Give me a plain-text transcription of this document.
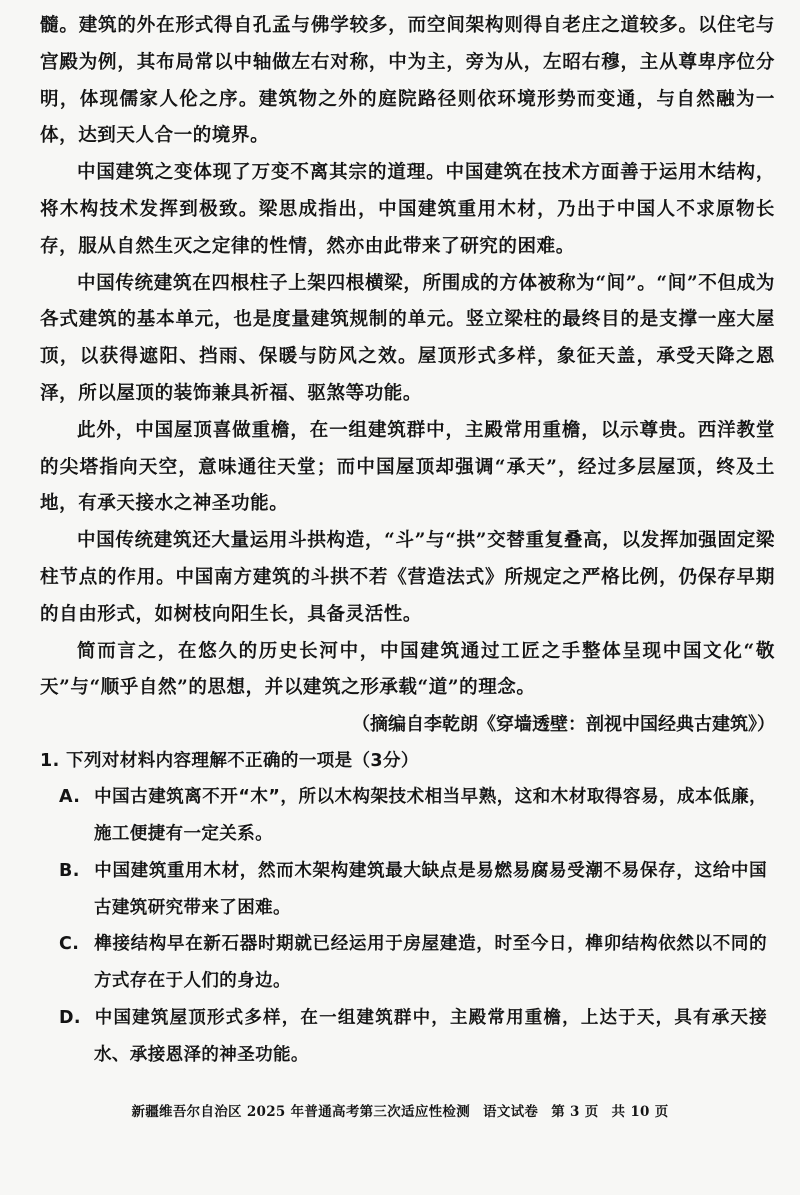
髓。建筑的外在形式得自孔孟与佛学较多，而空间架构则得自老庄之道较多。以住宅与宫殿为例，其布局常以中轴做左右对称，中为主，旁为从，左昭右穆，主从尊卑序位分明，体现儒家人伦之序。建筑物之外的庭院路径则依环境形势而变通，与自然融为一体，达到天人合一的境界。

中国建筑之变体现了万变不离其宗的道理。中国建筑在技术方面善于运用木结构，将木构技术发挥到极致。梁思成指出，中国建筑重用木材，乃出于中国人不求原物长存，服从自然生灭之定律的性情，然亦由此带来了研究的困难。

中国传统建筑在四根柱子上架四根横梁，所围成的方体被称为“间”。“间”不但成为各式建筑的基本单元，也是度量建筑规制的单元。竖立梁柱的最终目的是支撑一座大屋顶，以获得遮阳、挡雨、保暖与防风之效。屋顶形式多样，象征天盖，承受天降之恩泽，所以屋顶的装饰兼具祈福、驱煞等功能。

此外，中国屋顶喜做重檐，在一组建筑群中，主殿常用重檐，以示尊贵。西洋教堂的尖塔指向天空，意味通往天堂；而中国屋顶却强调“承天”，经过多层屋顶，终及土地，有承天接水之神圣功能。

中国传统建筑还大量运用斗拱构造，“斗”与“拱”交替重复叠高，以发挥加强固定梁柱节点的作用。中国南方建筑的斗拱不若《营造法式》所规定之严格比例，仍保存早期的自由形式，如树枝向阳生长，具备灵活性。

简而言之，在悠久的历史长河中，中国建筑通过工匠之手整体呈现中国文化“敬天”与“顺乎自然”的思想，并以建筑之形承载“道”的理念。

（摘编自李乾朗《穿墙透壁：剖视中国经典古建筑》）

1. 下列对材料内容理解不正确的一项是（3分）

A. 中国古建筑离不开“木”，所以木构架技术相当早熟，这和木材取得容易，成本低廉，施工便捷有一定关系。
B. 中国建筑重用木材，然而木架构建筑最大缺点是易燃易腐易受潮不易保存，这给中国古建筑研究带来了困难。
C. 榫接结构早在新石器时期就已经运用于房屋建造，时至今日，榫卯结构依然以不同的方式存在于人们的身边。
D. 中国建筑屋顶形式多样，在一组建筑群中，主殿常用重檐，上达于天，具有承天接水、承接恩泽的神圣功能。
新疆维吾尔自治区 2025 年普通高考第三次适应性检测 语文试卷 第 3 页 共 10 页
